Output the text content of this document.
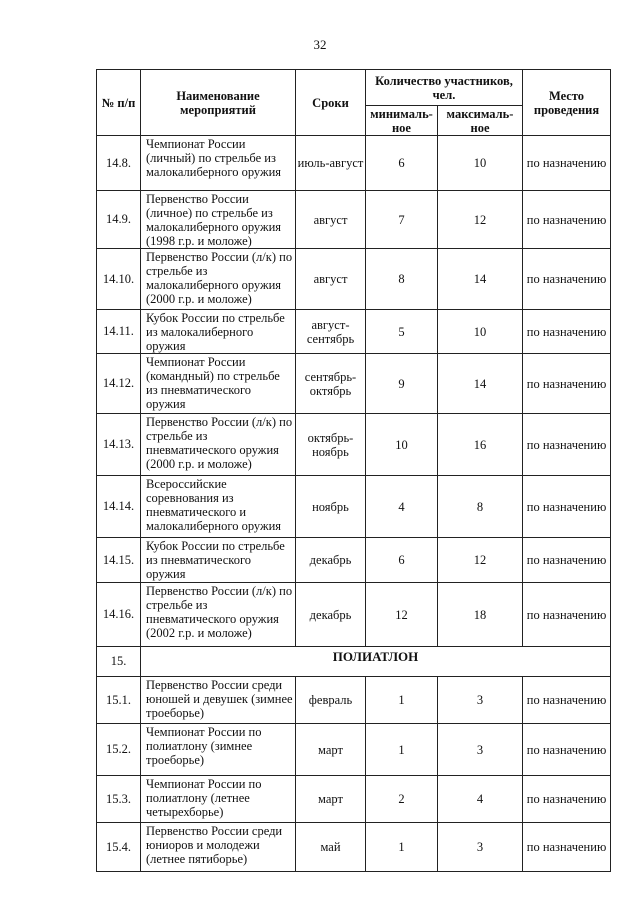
32
№ п/п	Наименование мероприятий	Сроки	Количество участников, чел.		Место проведения
			минималь-ное	максималь-ное	
14.8.	Чемпионат России (личный) по стрельбе из малокалиберного оружия	июль-август	6	10	по назначению
14.9.	Первенство России (личное) по стрельбе из малокалиберного оружия (1998 г.р. и моложе)	август	7	12	по назначению
14.10.	Первенство России (л/к) по стрельбе из малокалиберного оружия (2000 г.р. и моложе)	август	8	14	по назначению
14.11.	Кубок России по стрельбе из малокалиберного оружия	август-сентябрь	5	10	по назначению
14.12.	Чемпионат России (командный) по стрельбе из пневматического оружия	сентябрь-октябрь	9	14	по назначению
14.13.	Первенство России (л/к) по стрельбе из пневматического оружия (2000 г.р. и моложе)	октябрь-ноябрь	10	16	по назначению
14.14.	Всероссийские соревнования из пневматического и малокалиберного оружия	ноябрь	4	8	по назначению
14.15.	Кубок России по стрельбе из пневматического оружия	декабрь	6	12	по назначению
14.16.	Первенство России (л/к) по стрельбе из пневматического оружия (2002 г.р. и моложе)	декабрь	12	18	по назначению
15.	ПОЛИАТЛОН				
15.1.	Первенство России среди юношей и девушек (зимнее троеборье)	февраль	1	3	по назначению
15.2.	Чемпионат России по полиатлону (зимнее троеборье)	март	1	3	по назначению
15.3.	Чемпионат России по полиатлону (летнее четырехборье)	март	2	4	по назначению
15.4.	Первенство России среди юниоров и молодежи (летнее пятиборье)	май	1	3	по назначению
